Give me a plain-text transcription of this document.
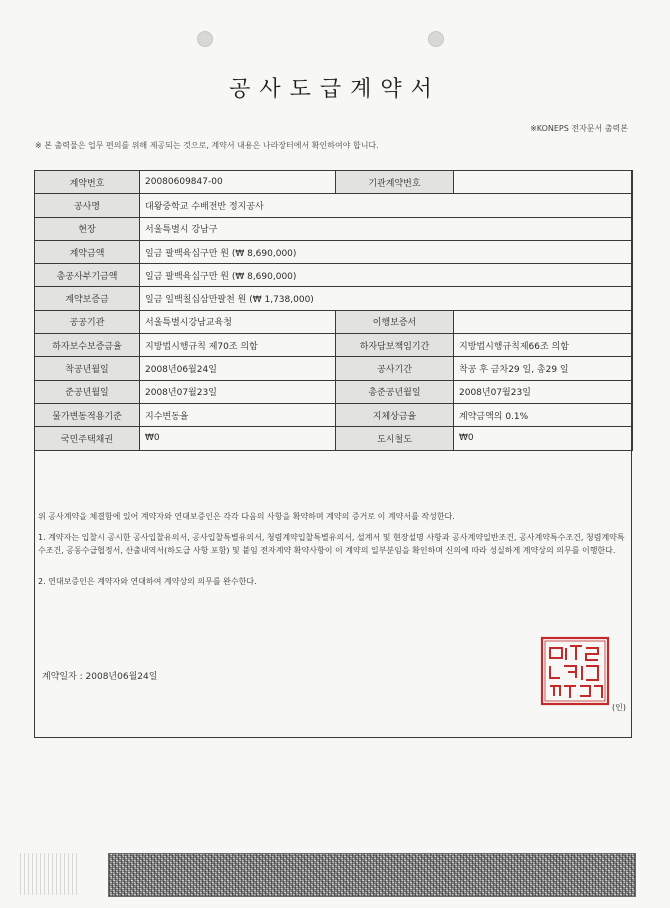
공사도급계약서
※KONEPS 전자문서 출력본
※ 본 출력물은 업무 편의를 위해 제공되는 것으로, 계약서 내용은 나라장터에서 확인하여야 합니다.
계약번호	20080609847-00	기관계약번호	
공사명	대왕중학교 수배전반 정지공사		
현장	서울특별시 강남구		
계약금액	일금 팔백육십구만 원 (₩ 8,690,000)		
총공사부기금액	일금 팔백육십구만 원 (₩ 8,690,000)		
계약보증금	일금 일백칠십삼만팔천 원 (₩ 1,738,000)		
공공기관	서울특별시강남교육청	이행보증서	
하자보수보증금율	지방법시행규칙 제70조 의함	하자담보책임기간	지방법시행규칙제66조 의함
착공년월일	2008년06월24일	공사기간	착공 후 금차29 일, 총29 일
준공년월일	2008년07월23일	총준공년월일	2008년07월23일
물가변동적용기준	지수변동율	지체상금율	계약금액의 0.1%
국민주택채권	₩0	도시철도	₩0
위 공사계약을 체결함에 있어 계약자와 연대보증인은 각각 다음의 사항을 확약하며 계약의 증거로 이 계약서를 작성한다.
1. 계약자는 입찰시 공시한 공사입찰유의서, 공사입찰특별유의서, 청렴계약입찰특별유의서, 설계서 및 현장설명 사항과 공사계약일반조건, 공사계약특수조건, 청렴계약특수조건, 공동수급협정서, 산출내역서(하도급 사항 포함) 및 붙임 전자계약 확약사항이 이 계약의 일부분임을 확인하며 신의에 따라 성실하게 계약상의 의무를 이행한다.
2. 연대보증인은 계약자와 연대하여 계약상의 의무를 완수한다.
계약일자 : 2008년06월24일
(인)
